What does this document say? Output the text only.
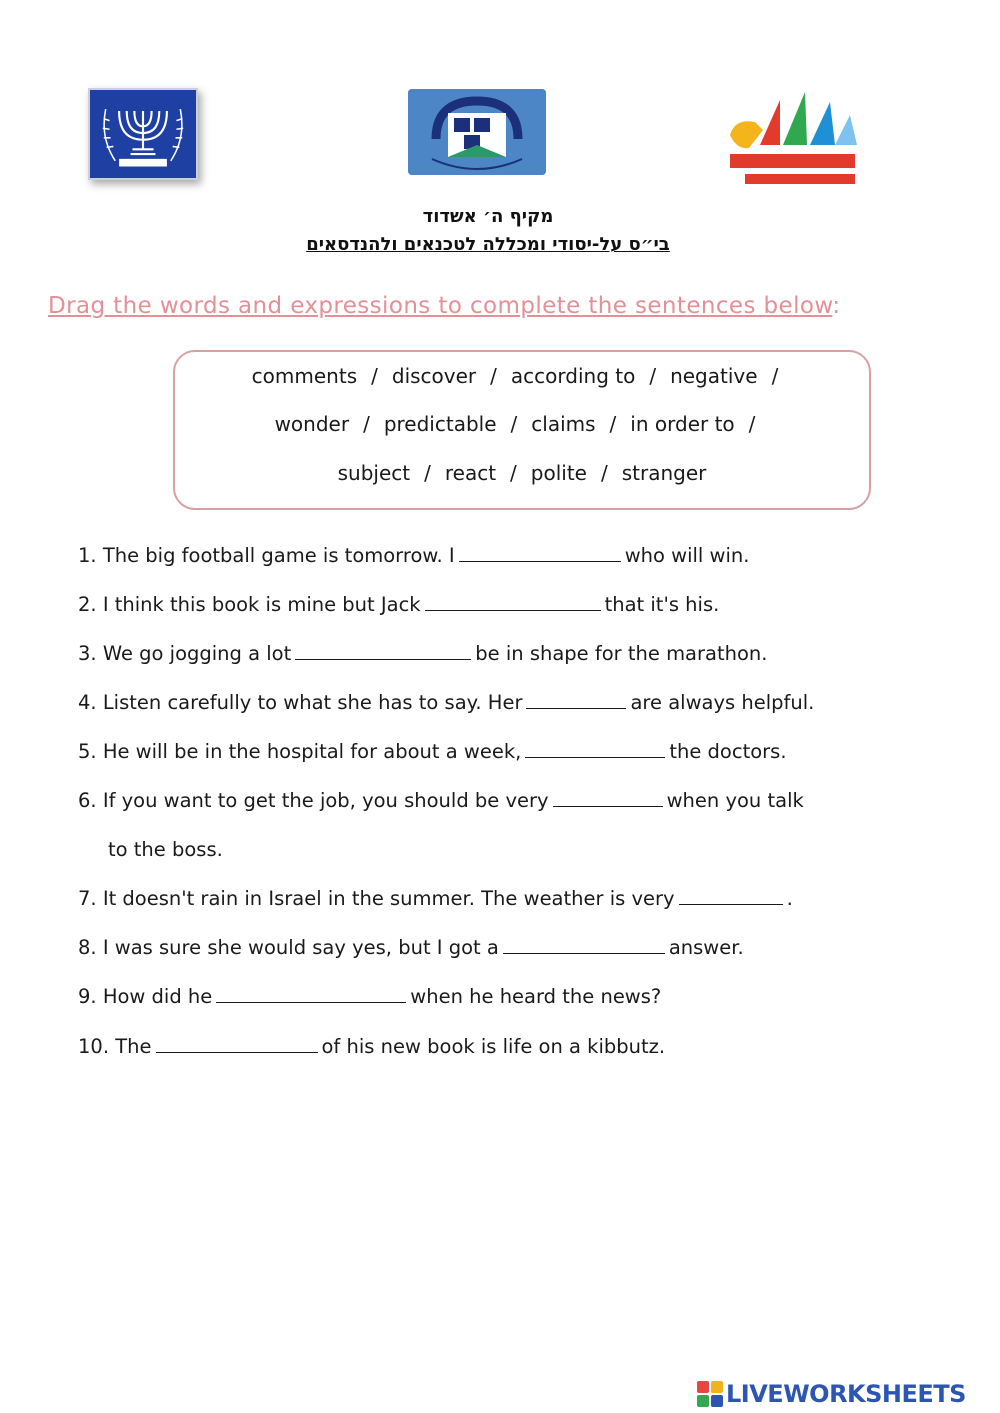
מקיף ה׳ אשדוד
בי״ס על-יסודי ומכללה לטכנאים ולהנדסאים
Drag the words and expressions to complete the sentences below:
comments / discover / according to / negative /
wonder / predictable / claims / in order to /
subject / react / polite / stranger
1. The big football game is tomorrow. I	who will win.
2. I think this book is mine but Jack	that it's his.
3. We go jogging a lot	be in shape for the marathon.
4. Listen carefully to what she has to say. Her	are always helpful.
5. He will be in the hospital for about a week,	the doctors.
6. If you want to get the job, you should be very	when you talk
to the boss.
7. It doesn't rain in Israel in the summer. The weather is very	.
8. I was sure she would say yes, but I got a	answer.
9. How did he	when he heard the news?
10. The	of his new book is life on a kibbutz.
LIVEWORKSHEETS
